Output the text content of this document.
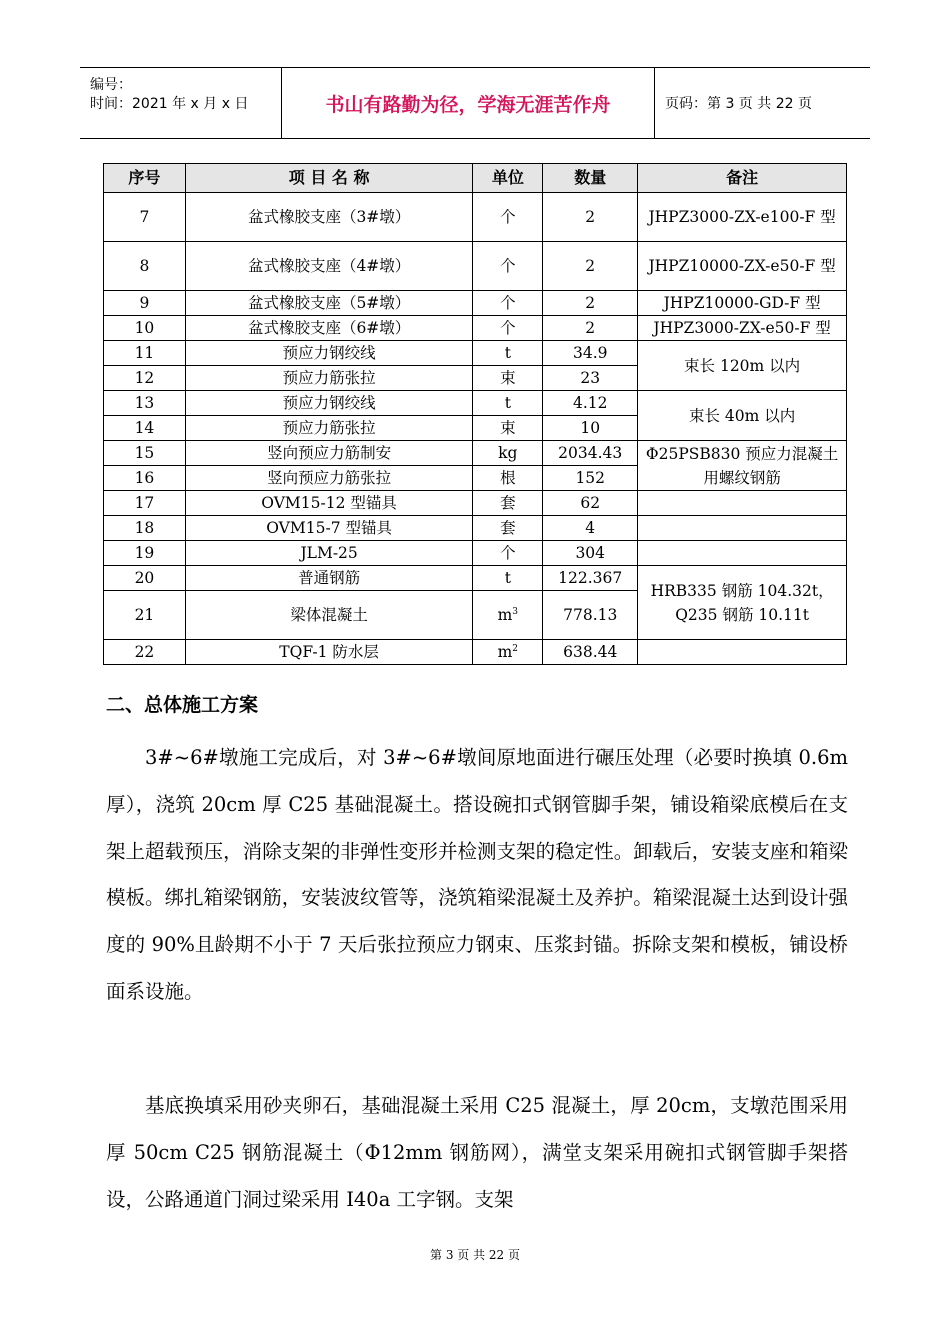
编号：
时间：2021 年 x 月 x 日	书山有路勤为径，学海无涯苦作舟	页码：第 3 页 共 22 页
序号	项 目 名 称	单位	数量	备注
7	盆式橡胶支座（3#墩）	个	2	JHPZ3000-ZX-e100-F 型
8	盆式橡胶支座（4#墩）	个	2	JHPZ10000-ZX-e50-F 型
9	盆式橡胶支座（5#墩）	个	2	JHPZ10000-GD-F 型
10	盆式橡胶支座（6#墩）	个	2	JHPZ3000-ZX-e50-F 型
11	预应力钢绞线	t	34.9	束长 120m 以内
12	预应力筋张拉	束	23	
13	预应力钢绞线	t	4.12	束长 40m 以内
14	预应力筋张拉	束	10	
15	竖向预应力筋制安	kg	2034.43	Φ25PSB830 预应力混凝土用螺纹钢筋
16	竖向预应力筋张拉	根	152	
17	OVM15-12 型锚具	套	62	
18	OVM15-7 型锚具	套	4	
19	JLM-25	个	304	
20	普通钢筋	t	122.367	HRB335 钢筋 104.32t，Q235 钢筋 10.11t
21	梁体混凝土	$m^3$	778.13	
22	TQF-1 防水层	$m^2$	638.44	
二、总体施工方案

3#~6#墩施工完成后，对 3#~6#墩间原地面进行碾压处理（必要时换填 0.6m 厚），浇筑 20cm 厚 C25 基础混凝土。搭设碗扣式钢管脚手架，铺设箱梁底模后在支架上超载预压，消除支架的非弹性变形并检测支架的稳定性。卸载后，安装支座和箱梁模板。绑扎箱梁钢筋，安装波纹管等，浇筑箱梁混凝土及养护。箱梁混凝土达到设计强度的 90%且龄期不小于 7 天后张拉预应力钢束、压浆封锚。拆除支架和模板，铺设桥面系设施。

基底换填采用砂夹卵石，基础混凝土采用 C25 混凝土，厚 20cm，支墩范围采用厚 50cm C25 钢筋混凝土（Φ12mm 钢筋网），满堂支架采用碗扣式钢管脚手架搭设，公路通道门洞过梁采用 I40a 工字钢。支架

第 3 页 共 22 页
